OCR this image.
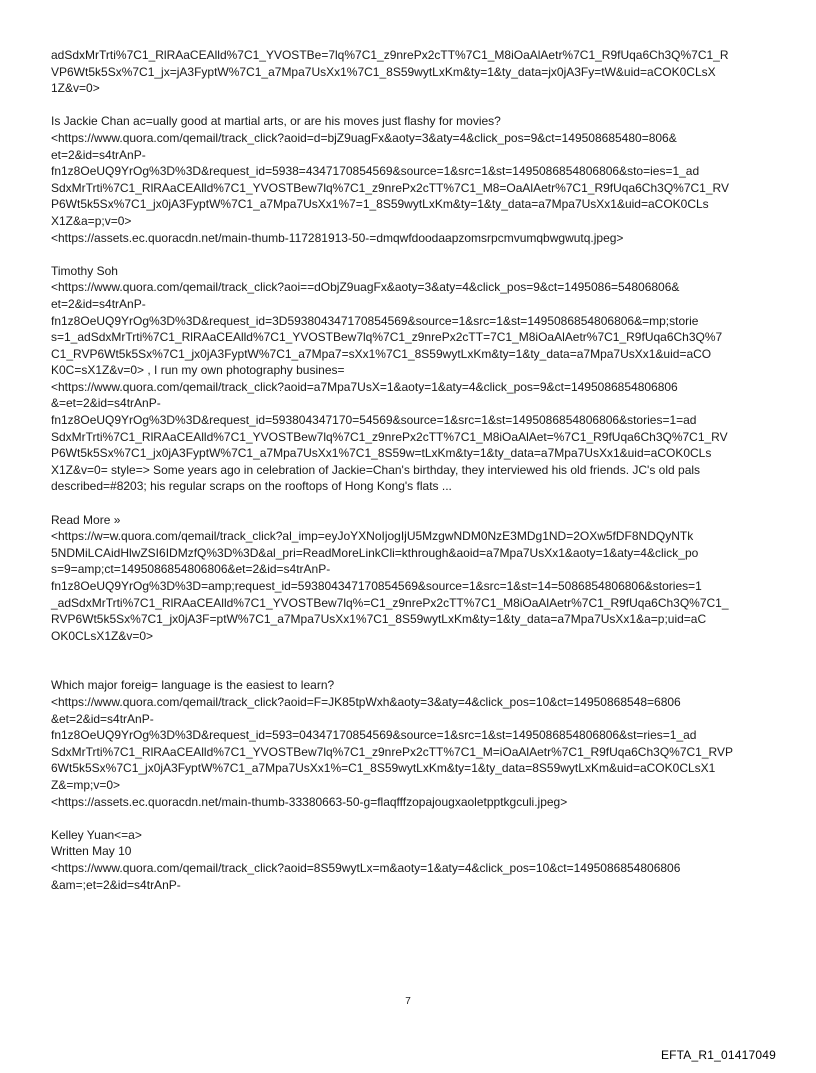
adSdxMrTrti%7C1_RlRAaCEAlld%7C1_YVOSTBe=7lq%7C1_z9nrePx2cTT%7C1_M8iOaAlAetr%7C1_R9fUqa6Ch3Q%7C1_R
VP6Wt5k5Sx%7C1_jx=jA3FyptW%7C1_a7Mpa7UsXx1%7C1_8S59wytLxKm&ty=1&ty_data=jx0jA3Fy=tW&uid=aCOK0CLsX
1Z&v=0>
Is Jackie Chan ac=ually good at martial arts, or are his moves just flashy for movies?
<https://www.quora.com/qemail/track_click?aoid=d=bjZ9uagFx&aoty=3&aty=4&click_pos=9&ct=149508685480=806&
et=2&id=s4trAnP-
fn1z8OeUQ9YrOg%3D%3D&request_id=5938=4347170854569&source=1&src=1&st=1495086854806806&sto=ies=1_ad
SdxMrTrti%7C1_RlRAaCEAlld%7C1_YVOSTBew7lq%7C1_z9nrePx2cTT%7C1_M8=OaAlAetr%7C1_R9fUqa6Ch3Q%7C1_RV
P6Wt5k5Sx%7C1_jx0jA3FyptW%7C1_a7Mpa7UsXx1%7=1_8S59wytLxKm&ty=1&ty_data=a7Mpa7UsXx1&uid=aCOK0CLs
X1Z&a=p;v=0>
<https://assets.ec.quoracdn.net/main-thumb-117281913-50-=dmqwfdoodaapzomsrpcmvumqbwgwutq.jpeg>
Timothy Soh
<https://www.quora.com/qemail/track_click?aoi==dObjZ9uagFx&aoty=3&aty=4&click_pos=9&ct=1495086=54806806&
et=2&id=s4trAnP-
fn1z8OeUQ9YrOg%3D%3D&request_id=3D593804347170854569&source=1&src=1&st=1495086854806806&=mp;storie
s=1_adSdxMrTrti%7C1_RlRAaCEAlld%7C1_YVOSTBew7lq%7C1_z9nrePx2cTT=7C1_M8iOaAlAetr%7C1_R9fUqa6Ch3Q%7
C1_RVP6Wt5k5Sx%7C1_jx0jA3FyptW%7C1_a7Mpa7=sXx1%7C1_8S59wytLxKm&ty=1&ty_data=a7Mpa7UsXx1&uid=aCO
K0C=sX1Z&v=0> , I run my own photography busines=
<https://www.quora.com/qemail/track_click?aoid=a7Mpa7UsX=1&aoty=1&aty=4&click_pos=9&ct=1495086854806806
&=et=2&id=s4trAnP-
fn1z8OeUQ9YrOg%3D%3D&request_id=593804347170=54569&source=1&src=1&st=1495086854806806&stories=1=ad
SdxMrTrti%7C1_RlRAaCEAlld%7C1_YVOSTBew7lq%7C1_z9nrePx2cTT%7C1_M8iOaAlAet=%7C1_R9fUqa6Ch3Q%7C1_RV
P6Wt5k5Sx%7C1_jx0jA3FyptW%7C1_a7Mpa7UsXx1%7C1_8S59w=tLxKm&ty=1&ty_data=a7Mpa7UsXx1&uid=aCOK0CLs
X1Z&v=0= style=> Some years ago in celebration of Jackie=Chan's birthday, they interviewed his old friends. JC's old pals
described=#8203; his regular scraps on the rooftops of Hong Kong's flats ...
Read More »
<https://w=w.quora.com/qemail/track_click?al_imp=eyJoYXNoIjogIjU5MzgwNDM0NzE3MDg1ND=2OXw5fDF8NDQyNTk
5NDMiLCAidHlwZSI6IDMzfQ%3D%3D&al_pri=ReadMoreLinkCli=kthrough&aoid=a7Mpa7UsXx1&aoty=1&aty=4&click_po
s=9=amp;ct=1495086854806806&et=2&id=s4trAnP-
fn1z8OeUQ9YrOg%3D%3D=amp;request_id=593804347170854569&source=1&src=1&st=14=5086854806806&stories=1
_adSdxMrTrti%7C1_RlRAaCEAlld%7C1_YVOSTBew7lq%=C1_z9nrePx2cTT%7C1_M8iOaAlAetr%7C1_R9fUqa6Ch3Q%7C1_
RVP6Wt5k5Sx%7C1_jx0jA3F=ptW%7C1_a7Mpa7UsXx1%7C1_8S59wytLxKm&ty=1&ty_data=a7Mpa7UsXx1&a=p;uid=aC
OK0CLsX1Z&v=0>
Which major foreig= language is the easiest to learn?
<https://www.quora.com/qemail/track_click?aoid=F=JK85tpWxh&aoty=3&aty=4&click_pos=10&ct=14950868548=6806
&et=2&id=s4trAnP-
fn1z8OeUQ9YrOg%3D%3D&request_id=593=04347170854569&source=1&src=1&st=1495086854806806&st=ries=1_ad
SdxMrTrti%7C1_RlRAaCEAlld%7C1_YVOSTBew7lq%7C1_z9nrePx2cTT%7C1_M=iOaAlAetr%7C1_R9fUqa6Ch3Q%7C1_RVP
6Wt5k5Sx%7C1_jx0jA3FyptW%7C1_a7Mpa7UsXx1%=C1_8S59wytLxKm&ty=1&ty_data=8S59wytLxKm&uid=aCOK0CLsX1
Z&=mp;v=0>
<https://assets.ec.quoracdn.net/main-thumb-33380663-50-g=flaqfffzopajougxaoletpptkgculi.jpeg>
Kelley Yuan<=a>
Written May 10
<https://www.quora.com/qemail/track_click?aoid=8S59wytLx=m&aoty=1&aty=4&click_pos=10&ct=1495086854806806
&am=;et=2&id=s4trAnP-
7
EFTA_R1_01417049
